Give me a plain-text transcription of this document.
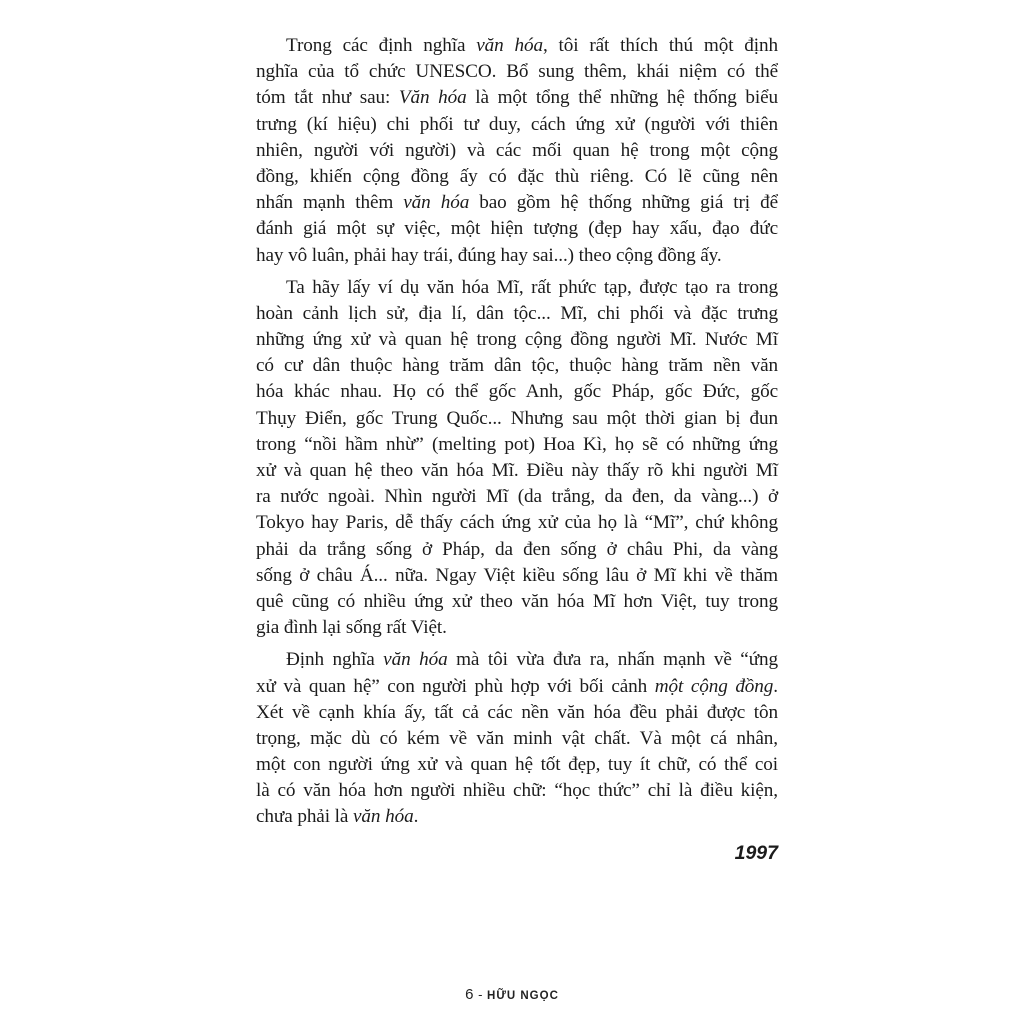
Trong các định nghĩa văn hóa, tôi rất thích thú một định
nghĩa của tổ chức UNESCO. Bổ sung thêm, khái niệm có thể
tóm tắt như sau: Văn hóa là một tổng thể những hệ thống biểu
trưng (kí hiệu) chi phối tư duy, cách ứng xử (người với thiên
nhiên, người với người) và các mối quan hệ trong một cộng
đồng, khiến cộng đồng ấy có đặc thù riêng. Có lẽ cũng nên
nhấn mạnh thêm văn hóa bao gồm hệ thống những giá trị để
đánh giá một sự việc, một hiện tượng (đẹp hay xấu, đạo đức
hay vô luân, phải hay trái, đúng hay sai...) theo cộng đồng ấy.
Ta hãy lấy ví dụ văn hóa Mĩ, rất phức tạp, được tạo ra trong
hoàn cảnh lịch sử, địa lí, dân tộc... Mĩ, chi phối và đặc trưng
những ứng xử và quan hệ trong cộng đồng người Mĩ. Nước Mĩ
có cư dân thuộc hàng trăm dân tộc, thuộc hàng trăm nền văn
hóa khác nhau. Họ có thể gốc Anh, gốc Pháp, gốc Đức, gốc
Thụy Điển, gốc Trung Quốc... Nhưng sau một thời gian bị đun
trong “nồi hầm nhừ” (melting pot) Hoa Kì, họ sẽ có những ứng
xử và quan hệ theo văn hóa Mĩ. Điều này thấy rõ khi người Mĩ
ra nước ngoài. Nhìn người Mĩ (da trắng, da đen, da vàng...) ở
Tokyo hay Paris, dễ thấy cách ứng xử của họ là “Mĩ”, chứ không
phải da trắng sống ở Pháp, da đen sống ở châu Phi, da vàng
sống ở châu Á... nữa. Ngay Việt kiều sống lâu ở Mĩ khi về thăm
quê cũng có nhiều ứng xử theo văn hóa Mĩ hơn Việt, tuy trong
gia đình lại sống rất Việt.
Định nghĩa văn hóa mà tôi vừa đưa ra, nhấn mạnh về “ứng
xử và quan hệ” con người phù hợp với bối cảnh một cộng đồng.
Xét về cạnh khía ấy, tất cả các nền văn hóa đều phải được tôn
trọng, mặc dù có kém về văn minh vật chất. Và một cá nhân,
một con người ứng xử và quan hệ tốt đẹp, tuy ít chữ, có thể coi
là có văn hóa hơn người nhiều chữ: “học thức” chỉ là điều kiện,
chưa phải là văn hóa.
1997
6 - HỮU NGỌC
